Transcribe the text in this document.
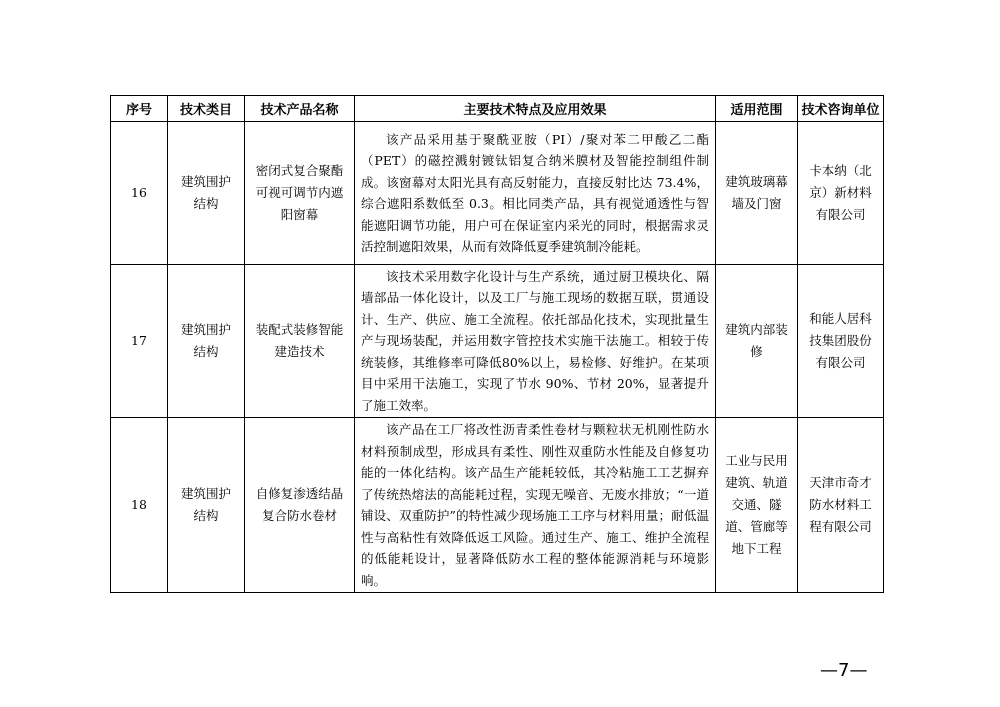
序号	技术类目	技术产品名称	主要技术特点及应用效果	适用范围	技术咨询单位
16	建筑围护结构	密闭式复合聚酯可视可调节内遮阳窗幕	该产品采用基于聚酰亚胺（PI）/聚对苯二甲酸乙二酯（PET）的磁控溅射镀钛铝复合纳米膜材及智能控制组件制成。该窗幕对太阳光具有高反射能力，直接反射比达 73.4%，综合遮阳系数低至 0.3。相比同类产品，具有视觉通透性与智能遮阳调节功能，用户可在保证室内采光的同时，根据需求灵活控制遮阳效果，从而有效降低夏季建筑制冷能耗。	建筑玻璃幕墙及门窗	卡本纳（北京）新材料有限公司

17	建筑围护结构	装配式装修智能建造技术	该技术采用数字化设计与生产系统，通过厨卫模块化、隔墙部品一体化设计，以及工厂与施工现场的数据互联，贯通设计、生产、供应、施工全流程。依托部品化技术，实现批量生产与现场装配，并运用数字管控技术实施干法施工。相较于传统装修，其维修率可降低80%以上，易检修、好维护。在某项目中采用干法施工，实现了节水 90%、节材 20%，显著提升了施工效率。	建筑内部装修	和能人居科技集团股份有限公司

18	建筑围护结构	自修复渗透结晶复合防水卷材	该产品在工厂将改性沥青柔性卷材与颗粒状无机刚性防水材料预制成型，形成具有柔性、刚性双重防水性能及自修复功能的一体化结构。该产品生产能耗较低，其冷粘施工工艺摒弃了传统热熔法的高能耗过程，实现无噪音、无废水排放；“一道铺设、双重防护”的特性减少现场施工工序与材料用量；耐低温性与高粘性有效降低返工风险。通过生产、施工、维护全流程的低能耗设计，显著降低防水工程的整体能源消耗与环境影响。	工业与民用建筑、轨道交通、隧道、管廊等地下工程	天津市奇才防水材料工程有限公司
—7—
